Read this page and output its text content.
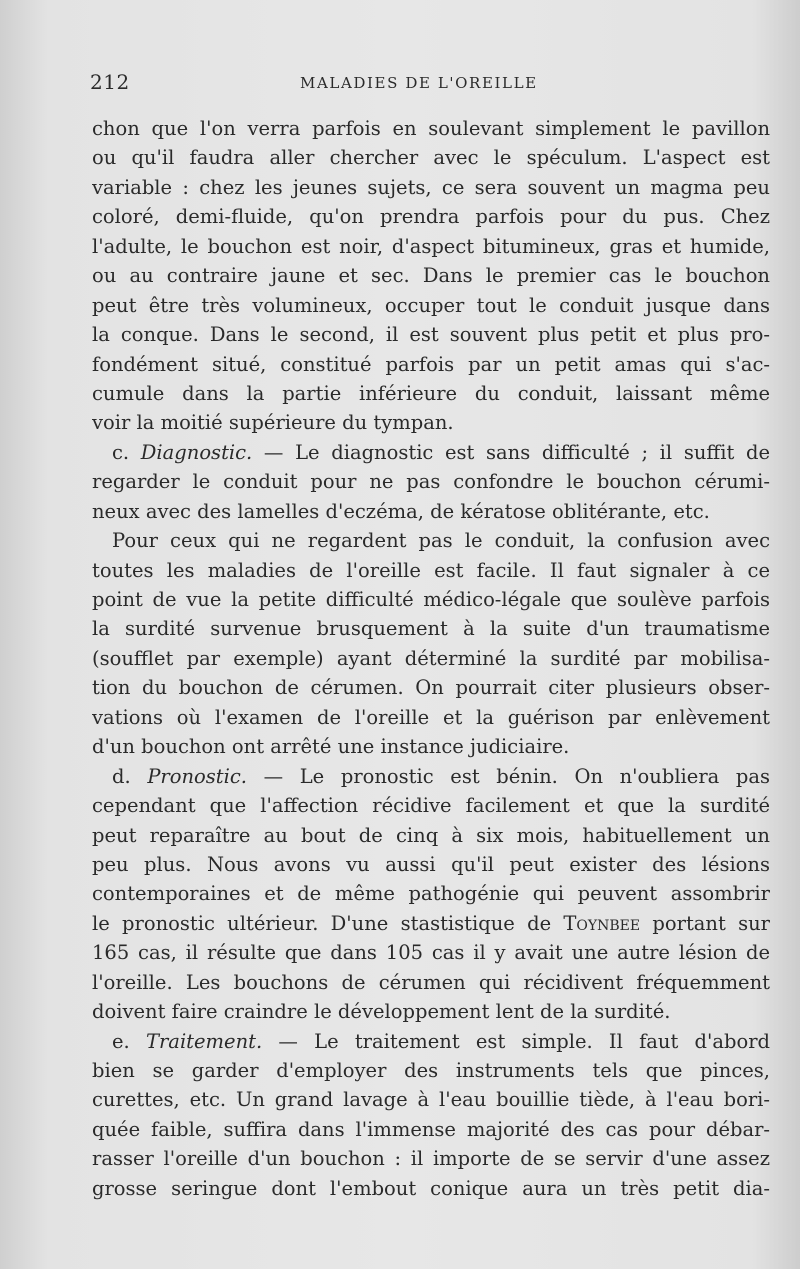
212	MALADIES DE L'OREILLE
chon que l'on verra parfois en soulevant simplement le pavillon
ou qu'il faudra aller chercher avec le spéculum. L'aspect est
variable : chez les jeunes sujets, ce sera souvent un magma peu
coloré, demi-fluide, qu'on prendra parfois pour du pus. Chez
l'adulte, le bouchon est noir, d'aspect bitumineux, gras et humide,
ou au contraire jaune et sec. Dans le premier cas le bouchon
peut être très volumineux, occuper tout le conduit jusque dans
la conque. Dans le second, il est souvent plus petit et plus pro-
fondément situé, constitué parfois par un petit amas qui s'ac-
cumule dans la partie inférieure du conduit, laissant même
voir la moitié supérieure du tympan.
c. Diagnostic. — Le diagnostic est sans difficulté ; il suffit de
regarder le conduit pour ne pas confondre le bouchon cérumi-
neux avec des lamelles d'eczéma, de kératose oblitérante, etc.
Pour ceux qui ne regardent pas le conduit, la confusion avec
toutes les maladies de l'oreille est facile. Il faut signaler à ce
point de vue la petite difficulté médico-légale que soulève parfois
la surdité survenue brusquement à la suite d'un traumatisme
(soufflet par exemple) ayant déterminé la surdité par mobilisa-
tion du bouchon de cérumen. On pourrait citer plusieurs obser-
vations où l'examen de l'oreille et la guérison par enlèvement
d'un bouchon ont arrêté une instance judiciaire.
d. Pronostic. — Le pronostic est bénin. On n'oubliera pas
cependant que l'affection récidive facilement et que la surdité
peut reparaître au bout de cinq à six mois, habituellement un
peu plus. Nous avons vu aussi qu'il peut exister des lésions
contemporaines et de même pathogénie qui peuvent assombrir
le pronostic ultérieur. D'une stastistique de Toynbee portant sur
165 cas, il résulte que dans 105 cas il y avait une autre lésion de
l'oreille. Les bouchons de cérumen qui récidivent fréquemment
doivent faire craindre le développement lent de la surdité.
e. Traitement. — Le traitement est simple. Il faut d'abord
bien se garder d'employer des instruments tels que pinces,
curettes, etc. Un grand lavage à l'eau bouillie tiède, à l'eau bori-
quée faible, suffira dans l'immense majorité des cas pour débar-
rasser l'oreille d'un bouchon : il importe de se servir d'une assez
grosse seringue dont l'embout conique aura un très petit dia-
